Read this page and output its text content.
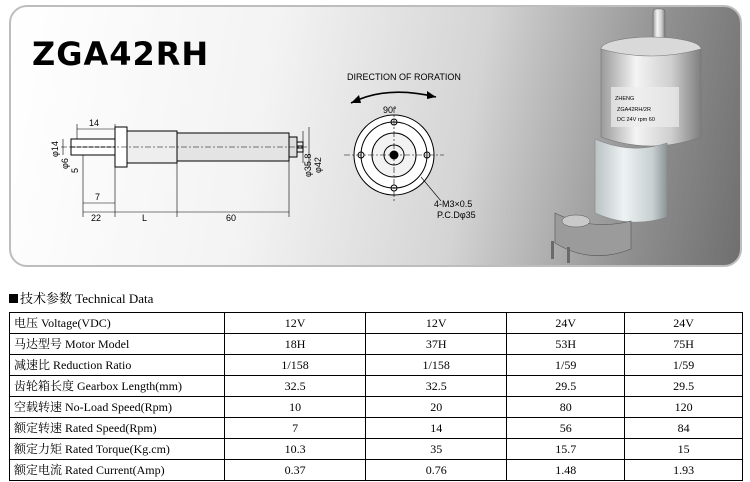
ZGA42RH
14
φ14
φ6
5
7
22	L	60
φ35.8 φ42
DIRECTION OF RORATION
90°
4-M3×0.5
P.C.Dφ35
ZHENG
ZGA42RH/2R
DC 24V rpm 60
技术参数 Technical Data
电压 Voltage(VDC)	12V	12V	24V	24V
马达型号 Motor Model	18H	37H	53H	75H
减速比 Reduction Ratio	1/158	1/158	1/59	1/59
齿轮箱长度 Gearbox Length(mm)	32.5	32.5	29.5	29.5
空载转速 No-Load Speed(Rpm)	10	20	80	120
额定转速 Rated Speed(Rpm)	7	14	56	84
额定力矩 Rated Torque(Kg.cm)	10.3	35	15.7	15
额定电流 Rated Current(Amp)	0.37	0.76	1.48	1.93
